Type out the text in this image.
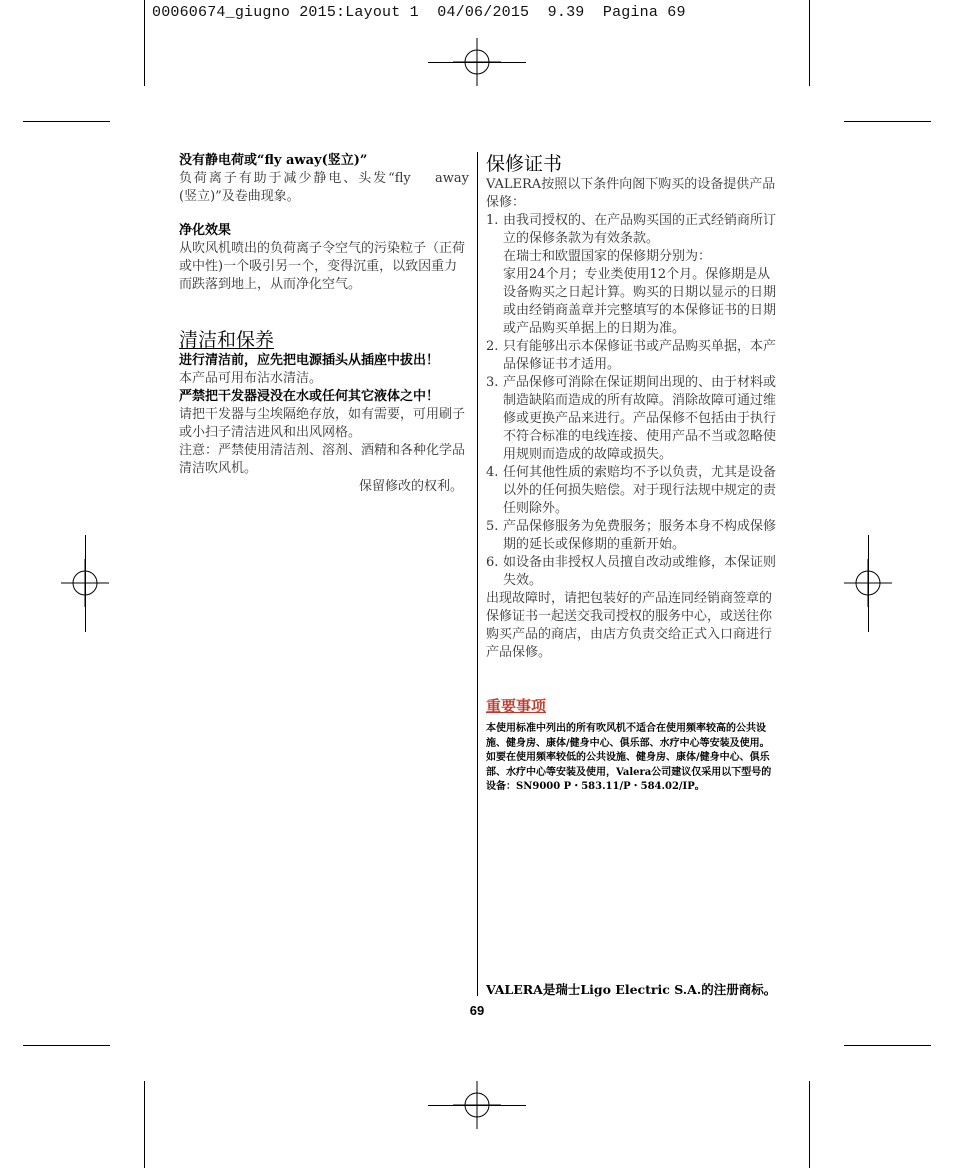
00060674_giugno 2015:Layout 1  04/06/2015  9.39  Pagina 69

没有静电荷或“fly away(竖立)”

负荷离子有助于减少静电、头发“fly    away

(竖立)”及卷曲现象。

净化效果

从吹风机喷出的负荷离子令空气的污染粒子（正荷或中性)一个吸引另一个，变得沉重，以致因重力而跌落到地上，从而净化空气。

清洁和保养

进行清洁前，应先把电源插头从插座中拔出！

本产品可用布沾水清洁。

严禁把干发器浸没在水或任何其它液体之中！

请把干发器与尘埃隔绝存放，如有需要，可用刷子或小扫子清洁进风和出风网格。

注意：严禁使用清洁剂、溶剂、酒精和各种化学品清洁吹风机。

保留修改的权利。

保修证书

VALERA按照以下条件向阁下购买的设备提供产品保修：

1. 由我司授权的、在产品购买国的正式经销商所订立的保修条款为有效条款。
在瑞士和欧盟国家的保修期分别为：
家用24个月；专业类使用12个月。保修期是从设备购买之日起计算。购买的日期以显示的日期或由经销商盖章并完整填写的本保修证书的日期或产品购买单据上的日期为准。
2. 只有能够出示本保修证书或产品购买单据，本产品保修证书才适用。
3. 产品保修可消除在保证期间出现的、由于材料或制造缺陷而造成的所有故障。消除故障可通过维修或更换产品来进行。产品保修不包括由于执行不符合标准的电线连接、使用产品不当或忽略使用规则而造成的故障或损失。
4. 任何其他性质的索赔均不予以负责，尤其是设备以外的任何损失赔偿。对于现行法规中规定的责任则除外。
5. 产品保修服务为免费服务；服务本身不构成保修期的延长或保修期的重新开始。
6. 如设备由非授权人员擅自改动或维修，本保证则失效。

出现故障时，请把包装好的产品连同经销商签章的保修证书一起送交我司授权的服务中心，或送往你购买产品的商店，由店方负责交给正式入口商进行产品保修。

重要事项

本使用标准中列出的所有吹风机不适合在使用频率较高的公共设施、健身房、康体/健身中心、俱乐部、水疗中心等安装及使用。如要在使用频率较低的公共设施、健身房、康体/健身中心、俱乐部、水疗中心等安装及使用，Valera公司建议仅采用以下型号的设备：SN9000 P・583.11/P・584.02/IP。

VALERA是瑞士Ligo Electric S.A.的注册商标。
69
